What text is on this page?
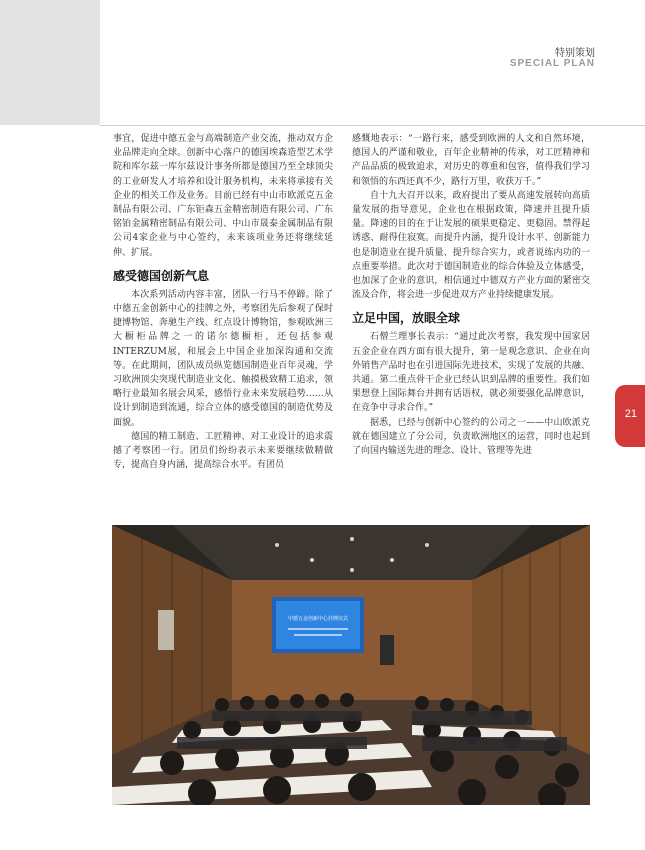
特别策划
SPECIAL PLAN

事宜，促进中德五金与高端制造产业交流，推动双方企业品牌走向全球。创新中心落户的德国埃森造型艺术学院和库尔兹一库尔兹设计事务所都是德国乃至全球顶尖的工业研发人才培养和设计服务机构，未来将承接有关企业的相关工作及业务。目前已经有中山市欧派克五金制品有限公司、广东钜森五金精密制造有限公司、广东铭铂金属精密制品有限公司、中山市晟泰金属制品有限公司4家企业与中心签约，未来该项业务还将继续延伸、扩展。

感受德国创新气息

本次系列活动内容丰富，团队一行马不停蹄。除了中德五金创新中心的挂牌之外，考察团先后参观了保时捷博物馆、奔驰生产线、红点设计博物馆，参观欧洲三大橱柜品牌之一的诺尔德橱柜，还包括参观INTERZUM展，和展会上中国企业加深沟通和交流等。在此期间，团队成员纵览德国制造业百年灵魂，学习欧洲顶尖突现代制造业文化、触摸极致精工追求，领略行业最知名展会风采，感悟行业未来发展趋势……从设计到制造到流通，综合立体的感受德国的制造优势及面貌。

德国的精工制造、工匠精神、对工业设计的追求震撼了考察团一行。团员们纷纷表示未来要继续做精做专，提高自身内涵，提高综合水平。有团员

感慨地表示：“一路行来，感受到欧洲的人文和自然环境，德国人的严谨和敬业，百年企业精神的传承，对工匠精神和产品品质的极致追求，对历史的尊重和包容，值得我们学习和领悟的东西还真不少，路行万里，收获万千。”

自十九大召开以来，政府提出了要从高速发展转向高质量发展的指导意见，企业也在根据政策，降速并且提升质量。降速的目的在于让发展的硕果更稳定、更稳固。禁得起诱惑、耐得住寂寞。而提升内涵，提升设计水平、创新能力也是制造业在提升质量、提升综合实力，或者说练内功的一点重要举措。此次对于德国制造业的综合体验及立体感受，也加深了企业的意识，相信通过中德双方产业方面的紧密交流及合作，将会进一步促进双方产业持续健康发展。

立足中国，放眼全球

石僧兰理事长表示：“通过此次考察，我发现中国家居五金企业在西方面有很大提升，第一是观念意识、企业在向外销售产品时也在引进国际先进技术，实现了发展的共融、共通。第二重点骨干企业已经认识到品牌的重要性。我们如果想登上国际舞台并拥有话语权，就必须要强化品牌意识，在竞争中寻求合作。”

据悉，已经与创新中心签约的公司之一——中山欧派克就在德国建立了分公司，负责欧洲地区的运营，同时也起到了向国内输送先进的理念、设计、管理等先进

21
中德五金创新中心挂牌仪式
